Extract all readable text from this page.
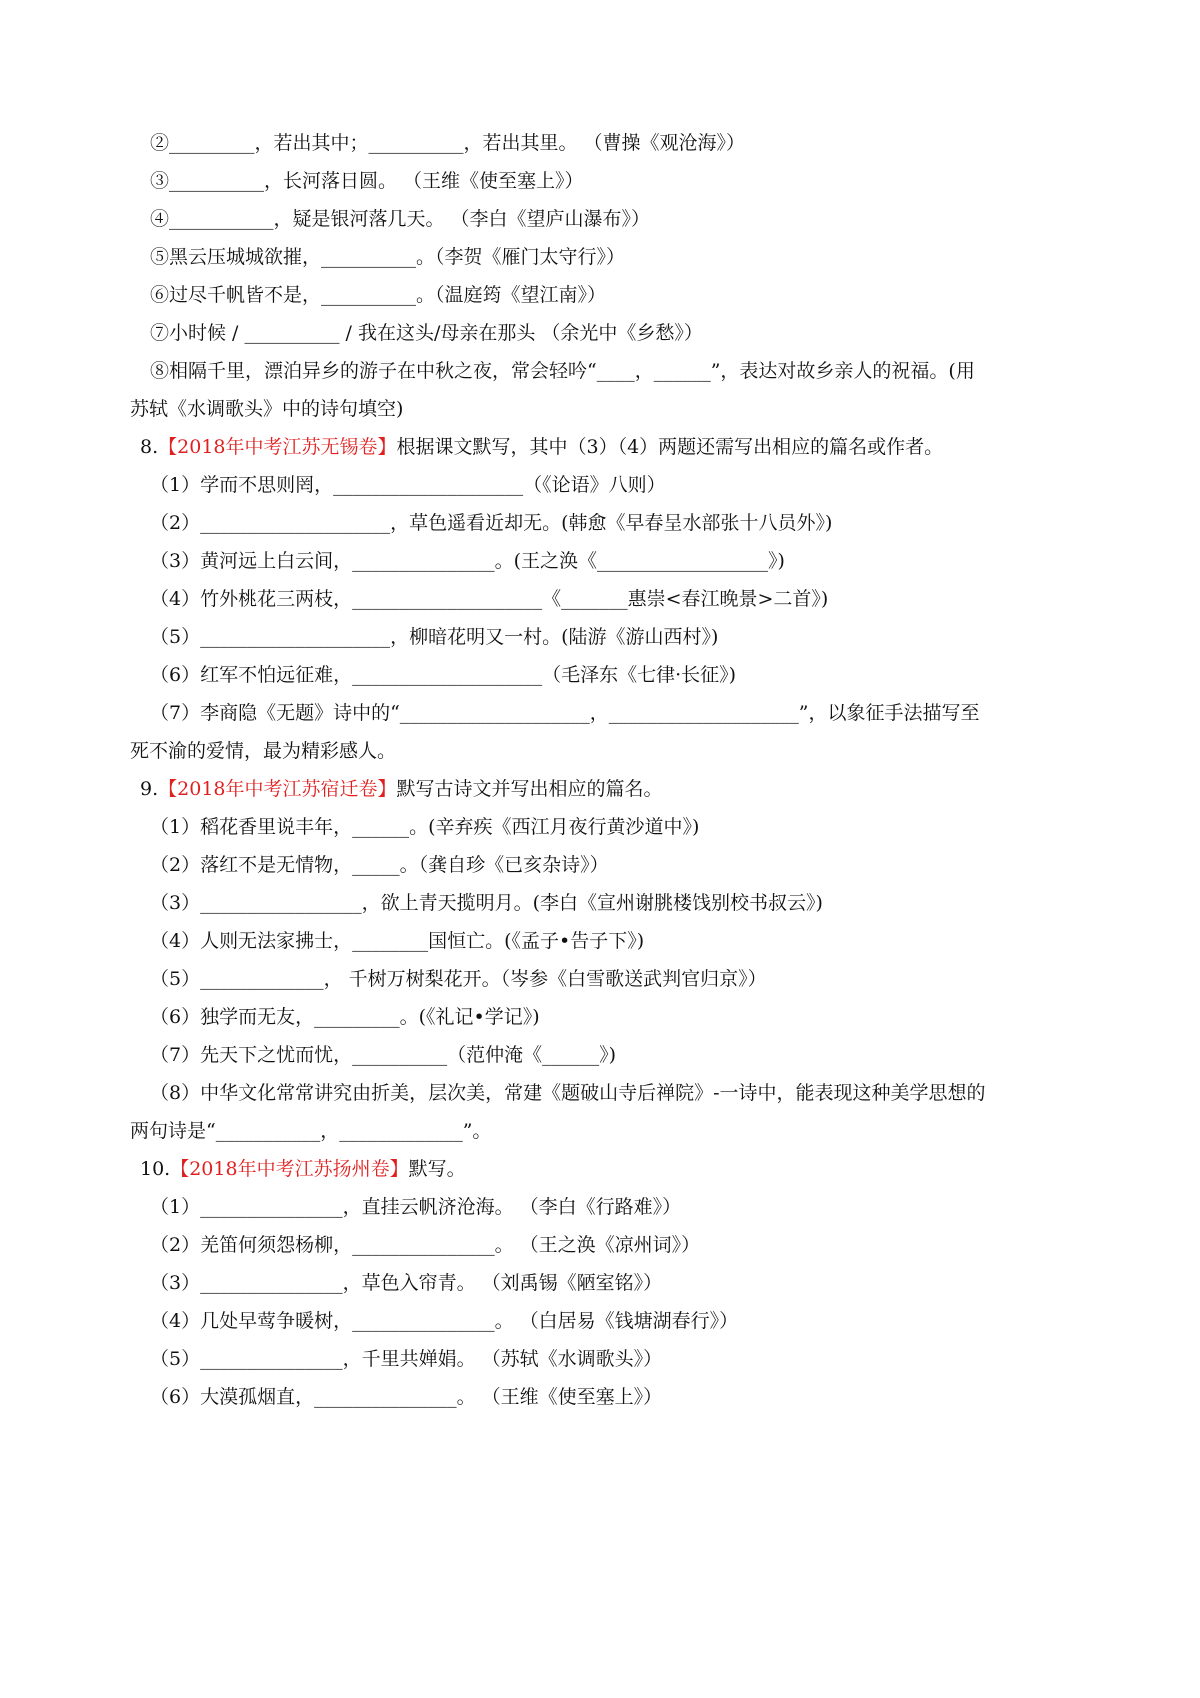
②_________，若出其中；__________，若出其里。 （曹操《观沧海》）
③__________，长河落日圆。 （王维《使至塞上》）
④___________，疑是银河落几天。 （李白《望庐山瀑布》）
⑤黑云压城城欲摧，__________。（李贺《雁门太守行》）
⑥过尽千帆皆不是，__________。（温庭筠《望江南》）
⑦小时候 / __________ / 我在这头/母亲在那头 （余光中《乡愁》）
⑧相隔千里，漂泊异乡的游子在中秋之夜，常会轻吟“____，______”，表达对故乡亲人的祝福。(用
苏轼《水调歌头》中的诗句填空)
8.【2018年中考江苏无锡卷】根据课文默写，其中（3）（4）两题还需写出相应的篇名或作者。
（1）学而不思则罔，____________________（《论语》八则）
（2）____________________，草色遥看近却无。(韩愈《早春呈水部张十八员外》)
（3）黄河远上白云间，_______________。(王之涣《__________________》)
（4）竹外桃花三两枝，____________________《_______惠崇<春江晚景>二首》)
（5）____________________，柳暗花明又一村。(陆游《游山西村》)
（6）红军不怕远征难，____________________（毛泽东《七律·长征》)
（7）李商隐《无题》诗中的“____________________，____________________”，以象征手法描写至
死不渝的爱情，最为精彩感人。
9.【2018年中考江苏宿迁卷】默写古诗文并写出相应的篇名。
（1）稻花香里说丰年，______。(辛弃疾《西江月夜行黄沙道中》)
（2）落红不是无情物，_____。（龚自珍《已亥杂诗》）
（3）_________________，欲上青天揽明月。(李白《宣州谢朓楼饯别校书叔云》)
（4）人则无法家拂士，________国恒亡。(《孟子•告子下》)
（5）_____________， 千树万树梨花开。（岑参《白雪歌送武判官归京》）
（6）独学而无友，_________。(《礼记•学记》)
（7）先天下之忧而忧，__________（范仲淹《______》)
（8）中华文化常常讲究由折美，层次美，常建《题破山寺后禅院》-一诗中，能表现这种美学思想的
两句诗是“___________，_____________”。
10.【2018年中考江苏扬州卷】默写。
（1）_______________，直挂云帆济沧海。 （李白《行路难》）
（2）羌笛何须怨杨柳，_______________。 （王之涣《凉州词》）
（3）_______________，草色入帘青。 （刘禹锡《陋室铭》）
（4）几处早莺争暖树，_______________。 （白居易《钱塘湖春行》）
（5）_______________，千里共婵娟。 （苏轼《水调歌头》）
（6）大漠孤烟直，_______________。 （王维《使至塞上》）
